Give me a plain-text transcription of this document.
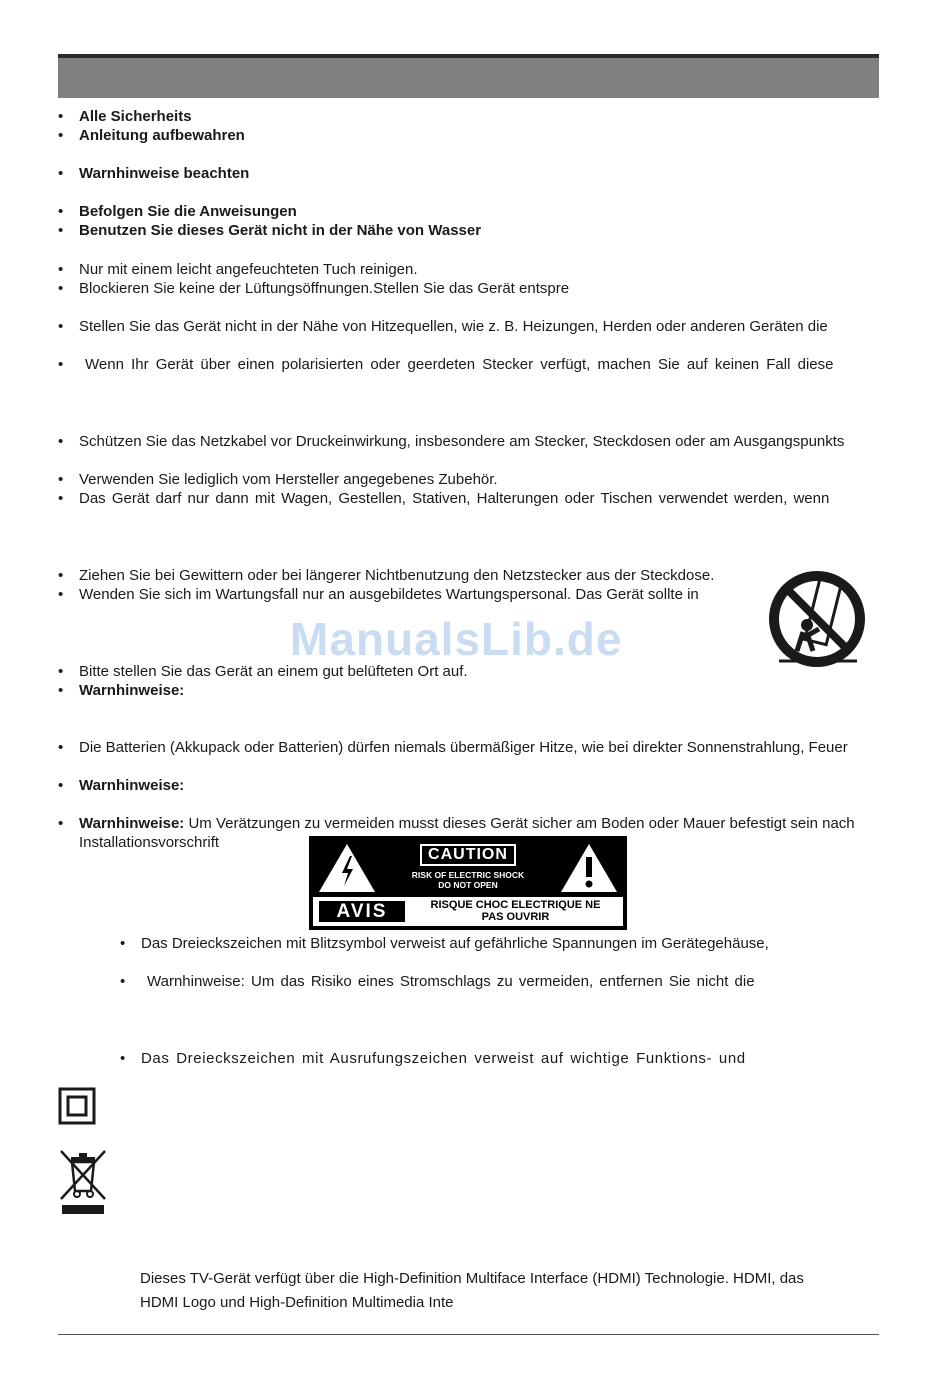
• Alle Sicherheits
• Anleitung aufbewahren
• Warnhinweise beachten
• Befolgen Sie die Anweisungen
• Benutzen Sie dieses Gerät nicht in der Nähe von Wasser
• Nur mit einem leicht angefeuchteten Tuch reinigen.
• Blockieren Sie keine der Lüftungsöffnungen.Stellen Sie das Gerät entspre
• Stellen Sie das Gerät nicht in der Nähe von Hitzequellen, wie z. B. Heizungen, Herden oder anderen Geräten die
• Wenn Ihr Gerät über einen polarisierten oder geerdeten Stecker verfügt, machen Sie auf keinen Fall diese
• Schützen Sie das Netzkabel vor Druckeinwirkung, insbesondere am Stecker, Steckdosen oder am Ausgangspunkts
• Verwenden Sie lediglich vom Hersteller angegebenes Zubehör.
• Das Gerät darf nur dann mit Wagen, Gestellen, Stativen, Halterungen oder Tischen verwendet werden, wenn
• Ziehen Sie bei Gewittern oder bei längerer Nichtbenutzung den Netzstecker aus der Steckdose.
• Wenden Sie sich im Wartungsfall nur an ausgebildetes Wartungspersonal. Das Gerät sollte in
ManualsLib.de
• Bitte stellen Sie das Gerät an einem gut belüfteten Ort auf.
• Warnhinweise:
• Die Batterien (Akkupack oder Batterien) dürfen niemals übermäßiger Hitze, wie bei direkter Sonnenstrahlung, Feuer
• Warnhinweise:
• Warnhinweise: Um Verätzungen zu vermeiden musst dieses Gerät sicher am Boden oder Mauer befestigt sein nach
Installationsvorschrift
CAUTION
RISK OF ELECTRIC SHOCK
DO NOT OPEN
AVIS	RISQUE CHOC ELECTRIQUE NE
PAS OUVRIR
• Das Dreieckszeichen mit Blitzsymbol verweist auf gefährliche Spannungen im Gerätegehäuse,
• Warnhinweise: Um das Risiko eines Stromschlags zu vermeiden, entfernen Sie nicht die
• Das Dreieckszeichen mit Ausrufungszeichen verweist auf wichtige Funktions- und
Dieses TV-Gerät verfügt über die High-Definition Multiface Interface (HDMI) Technologie. HDMI, das
HDMI Logo und High-Definition Multimedia Inte
